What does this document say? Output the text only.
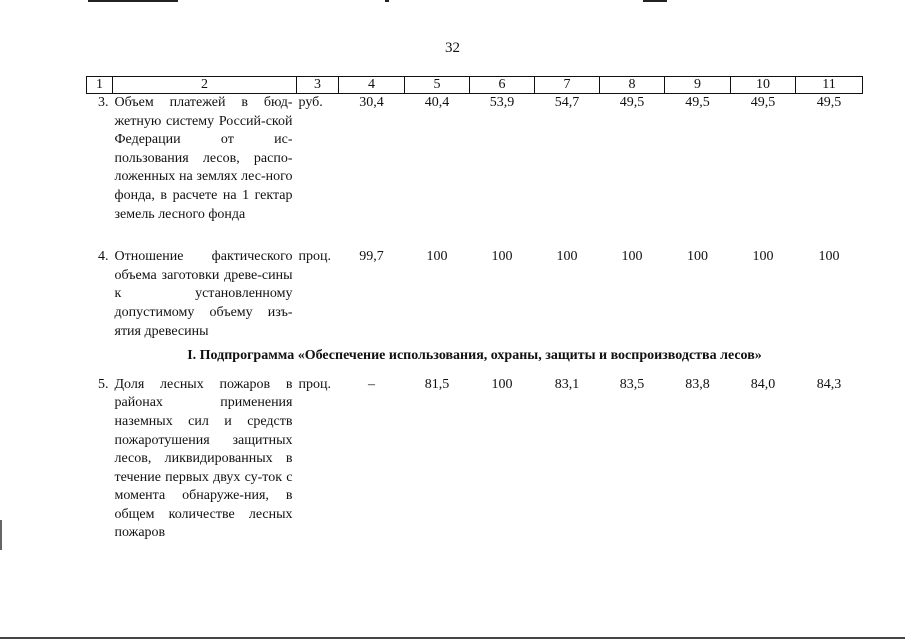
32
1	2	3	4	5	6	7	8	9	10	11
3.	Объем платежей в бюд-жетную систему Россий-ской Федерации от ис-пользования лесов, распо-ложенных на землях лес-ного фонда, в расчете на 1 гектар земель лесного фонда	руб.	30,4	40,4	53,9	54,7	49,5	49,5	49,5	49,5

4.	Отношение фактического объема заготовки древе-сины к установленному допустимому объему изъ-ятия древесины	проц.	99,7	100	100	100	100	100	100	100
I. Подпрограмма «Обеспечение использования, охраны, защиты и воспроизводства лесов»										
5.	Доля лесных пожаров в районах применения наземных сил и средств пожаротушения защитных лесов, ликвидированных в течение первых двух су-ток с момента обнаруже-ния, в общем количестве лесных пожаров	проц.	–	81,5	100	83,1	83,5	83,8	84,0	84,3
